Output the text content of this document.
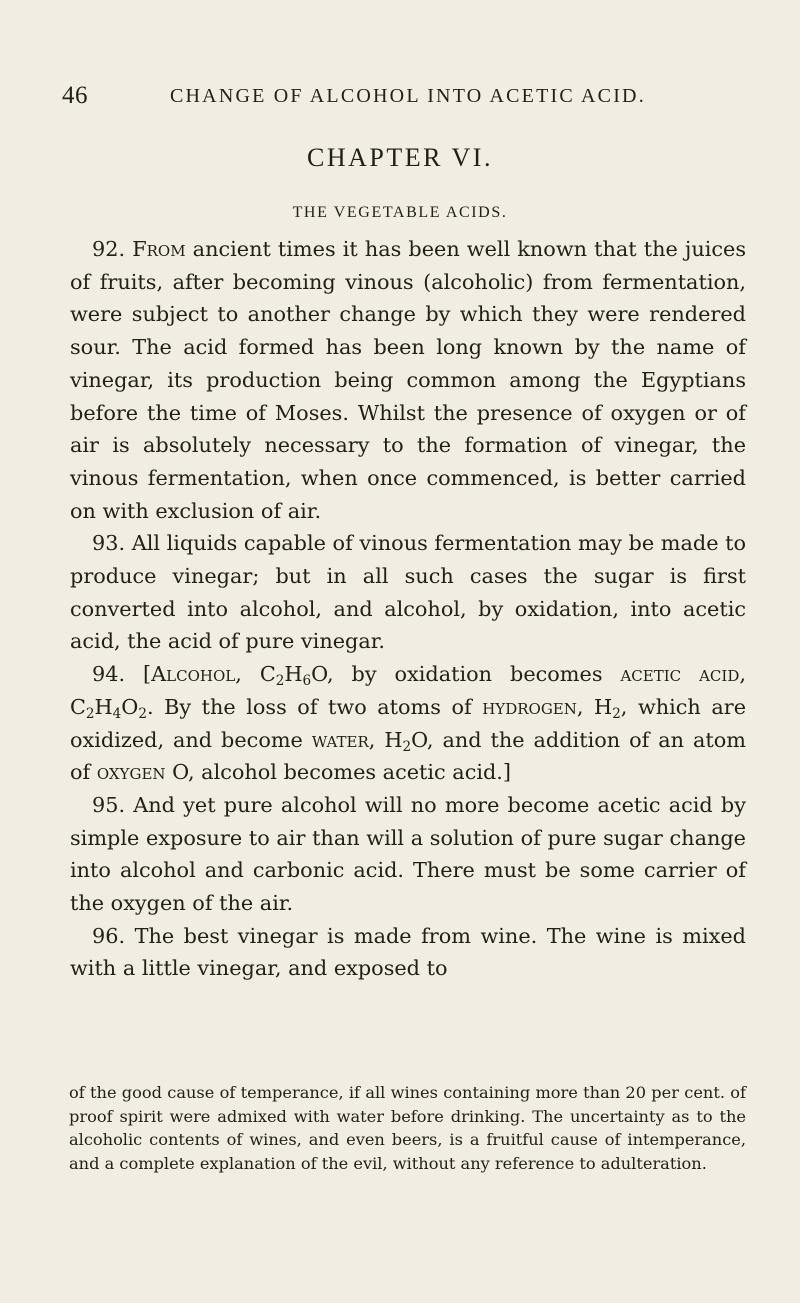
46	CHANGE OF ALCOHOL INTO ACETIC ACID.
CHAPTER VI.
THE VEGETABLE ACIDS.

92. From ancient times it has been well known that the juices of fruits, after becoming vinous (alcoholic) from fermentation, were subject to another change by which they were rendered sour. The acid formed has been long known by the name of vinegar, its production being common among the Egyptians before the time of Moses. Whilst the presence of oxygen or of air is absolutely necessary to the formation of vinegar, the vinous fermentation, when once commenced, is better carried on with exclusion of air.

93. All liquids capable of vinous fermentation may be made to produce vinegar; but in all such cases the sugar is first converted into alcohol, and alcohol, by oxidation, into acetic acid, the acid of pure vinegar.

94. [Alcohol, $C_2H_6O$, by oxidation becomes acetic acid, $C_2H_4O_2$. By the loss of two atoms of hydrogen, $H_2$, which are oxidized, and become water, $H_2O$, and the addition of an atom of oxygen O, alcohol becomes acetic acid.]

95. And yet pure alcohol will no more become acetic acid by simple exposure to air than will a solution of pure sugar change into alcohol and carbonic acid. There must be some carrier of the oxygen of the air.

96. The best vinegar is made from wine. The wine is mixed with a little vinegar, and exposed to

of the good cause of temperance, if all wines containing more than 20 per cent. of proof spirit were admixed with water before drinking. The uncertainty as to the alcoholic contents of wines, and even beers, is a fruitful cause of intemperance, and a complete explanation of the evil, without any reference to adulteration.
